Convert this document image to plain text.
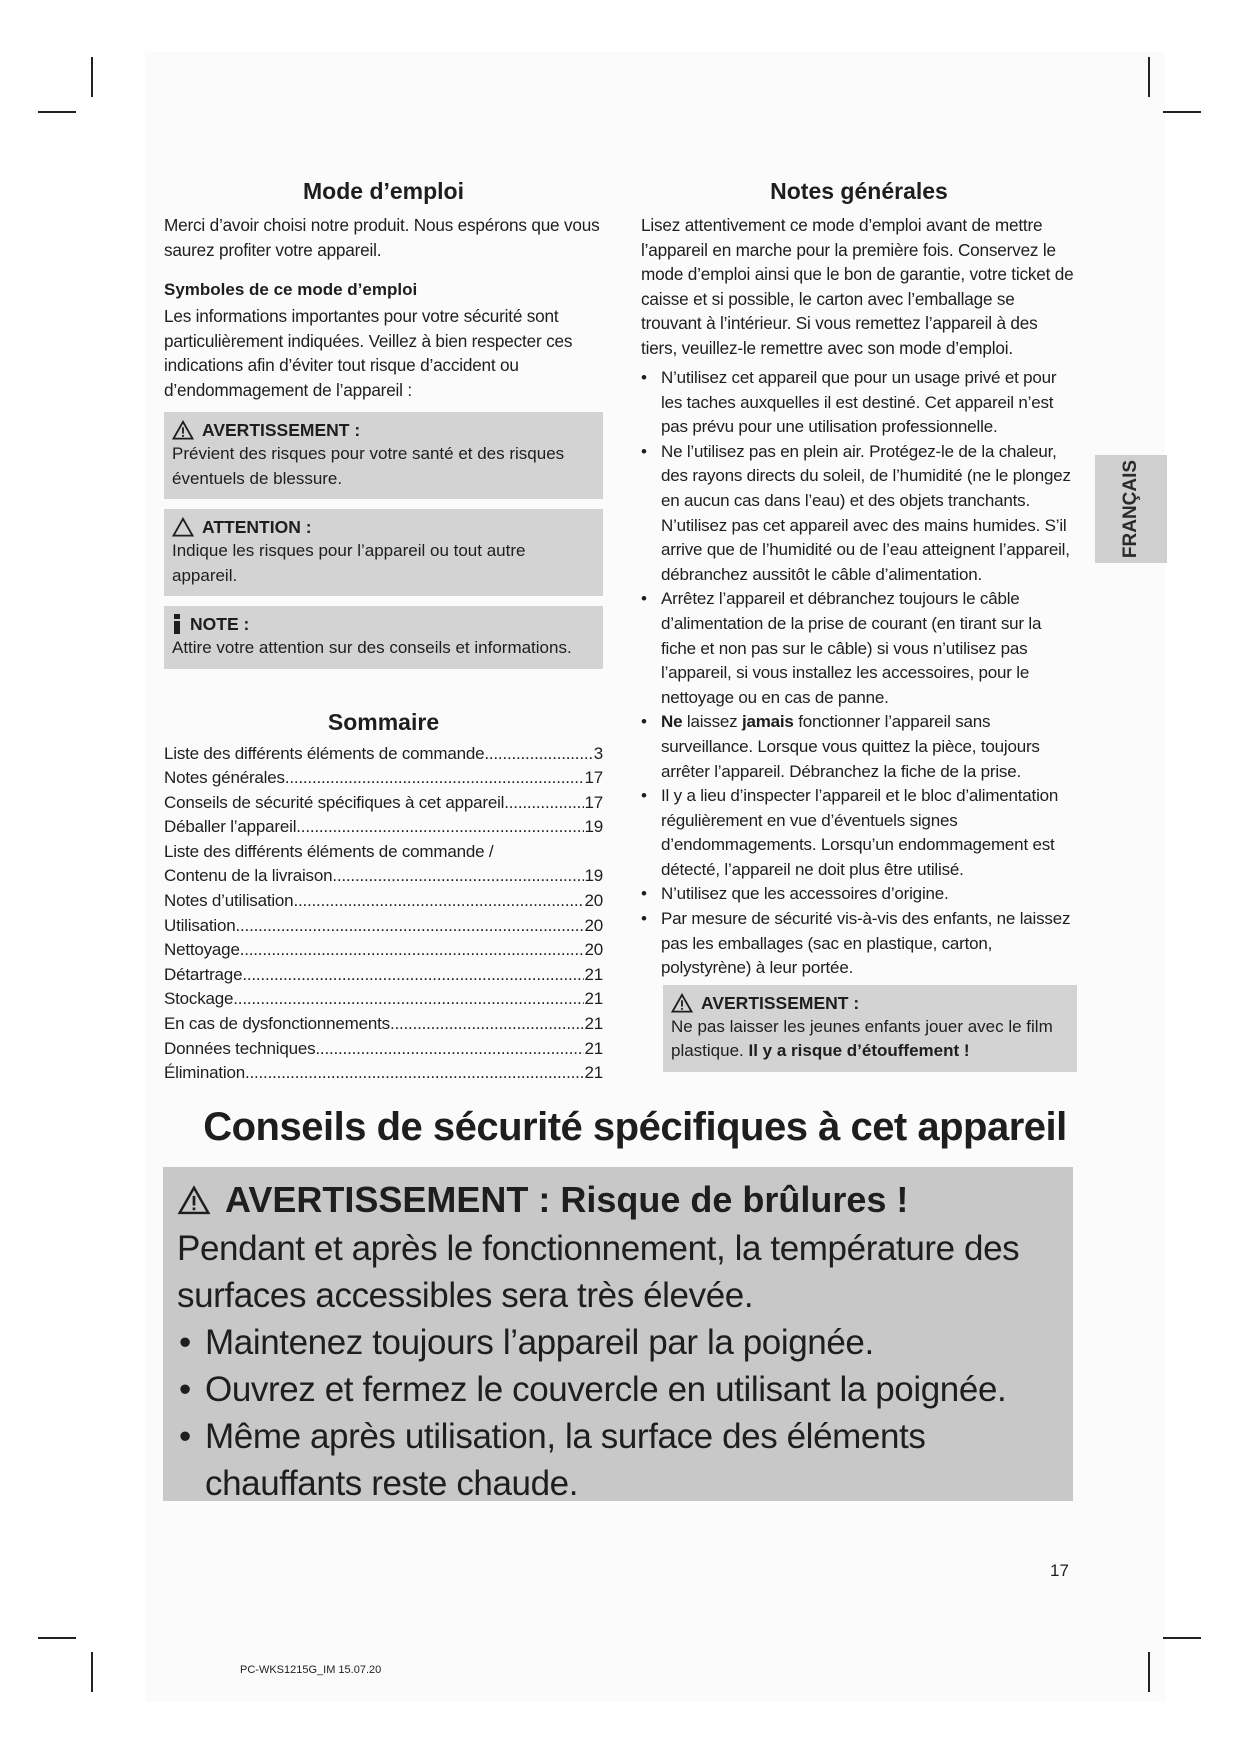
Mode d’emploi

Merci d’avoir choisi notre produit. Nous espérons que vous saurez profiter votre appareil.

Symboles de ce mode d’emploi

Les informations importantes pour votre sécurité sont particulièrement indiquées. Veillez à bien respecter ces indications afin d’éviter tout risque d’accident ou d’endommagement de l’appareil :

AVERTISSEMENT :
Prévient des risques pour votre santé et des risques éventuels de blessure.
ATTENTION :
Indique les risques pour l’appareil ou tout autre appareil.
NOTE :
Attire votre attention sur des conseils et informations.
Sommaire
Liste des différents éléments de commande .....	3
Notes générales .....	17
Conseils de sécurité spécifiques à cet appareil .....	17
Déballer l’appareil .....	19
Liste des différents éléments de commande /
Contenu de la livraison .....	19
Notes d’utilisation .....	20
Utilisation .....	20
Nettoyage .....	20
Détartrage .....	21
Stockage .....	21
En cas de dysfonctionnements .....	21
Données techniques .....	21
Élimination .....	21
Notes générales

Lisez attentivement ce mode d’emploi avant de mettre l’appareil en marche pour la première fois. Conservez le mode d’emploi ainsi que le bon de garantie, votre ticket de caisse et si possible, le carton avec l’emballage se trouvant à l’intérieur. Si vous remettez l’appareil à des tiers, veuillez-le remettre avec son mode d’emploi.

• N’utilisez cet appareil que pour un usage privé et pour les taches auxquelles il est destiné. Cet appareil n’est pas prévu pour une utilisation professionnelle.
• Ne l’utilisez pas en plein air. Protégez-le de la chaleur, des rayons directs du soleil, de l’humidité (ne le plongez en aucun cas dans l’eau) et des objets tranchants. N’utilisez pas cet appareil avec des mains humides. S’il arrive que de l’humidité ou de l’eau atteignent l’appareil, débranchez aussitôt le câble d’alimentation.
• Arrêtez l’appareil et débranchez toujours le câble d’alimentation de la prise de courant (en tirant sur la fiche et non pas sur le câble) si vous n’utilisez pas l’appareil, si vous installez les accessoires, pour le nettoyage ou en cas de panne.
• Ne laissez jamais fonctionner l’appareil sans surveillance. Lorsque vous quittez la pièce, toujours arrêter l’appareil. Débranchez la fiche de la prise.
• Il y a lieu d’inspecter l’appareil et le bloc d’alimentation régulièrement en vue d’éventuels signes d’endommagements. Lorsqu’un endommagement est détecté, l’appareil ne doit plus être utilisé.
• N’utilisez que les accessoires d’origine.
• Par mesure de sécurité vis-à-vis des enfants, ne laissez pas les emballages (sac en plastique, carton, polystyrène) à leur portée.
AVERTISSEMENT :
Ne pas laisser les jeunes enfants jouer avec le film plastique. Il y a risque d’étouffement !
FRANÇAIS
Conseils de sécurité spécifiques à cet appareil
AVERTISSEMENT : Risque de brûlures !
Pendant et après le fonctionnement, la température des surfaces accessibles sera très élevée.
• Maintenez toujours l’appareil par la poignée.
• Ouvrez et fermez le couvercle en utilisant la poignée.
• Même après utilisation, la surface des éléments chauffants reste chaude.
17
PC-WKS1215G_IM 15.07.20
